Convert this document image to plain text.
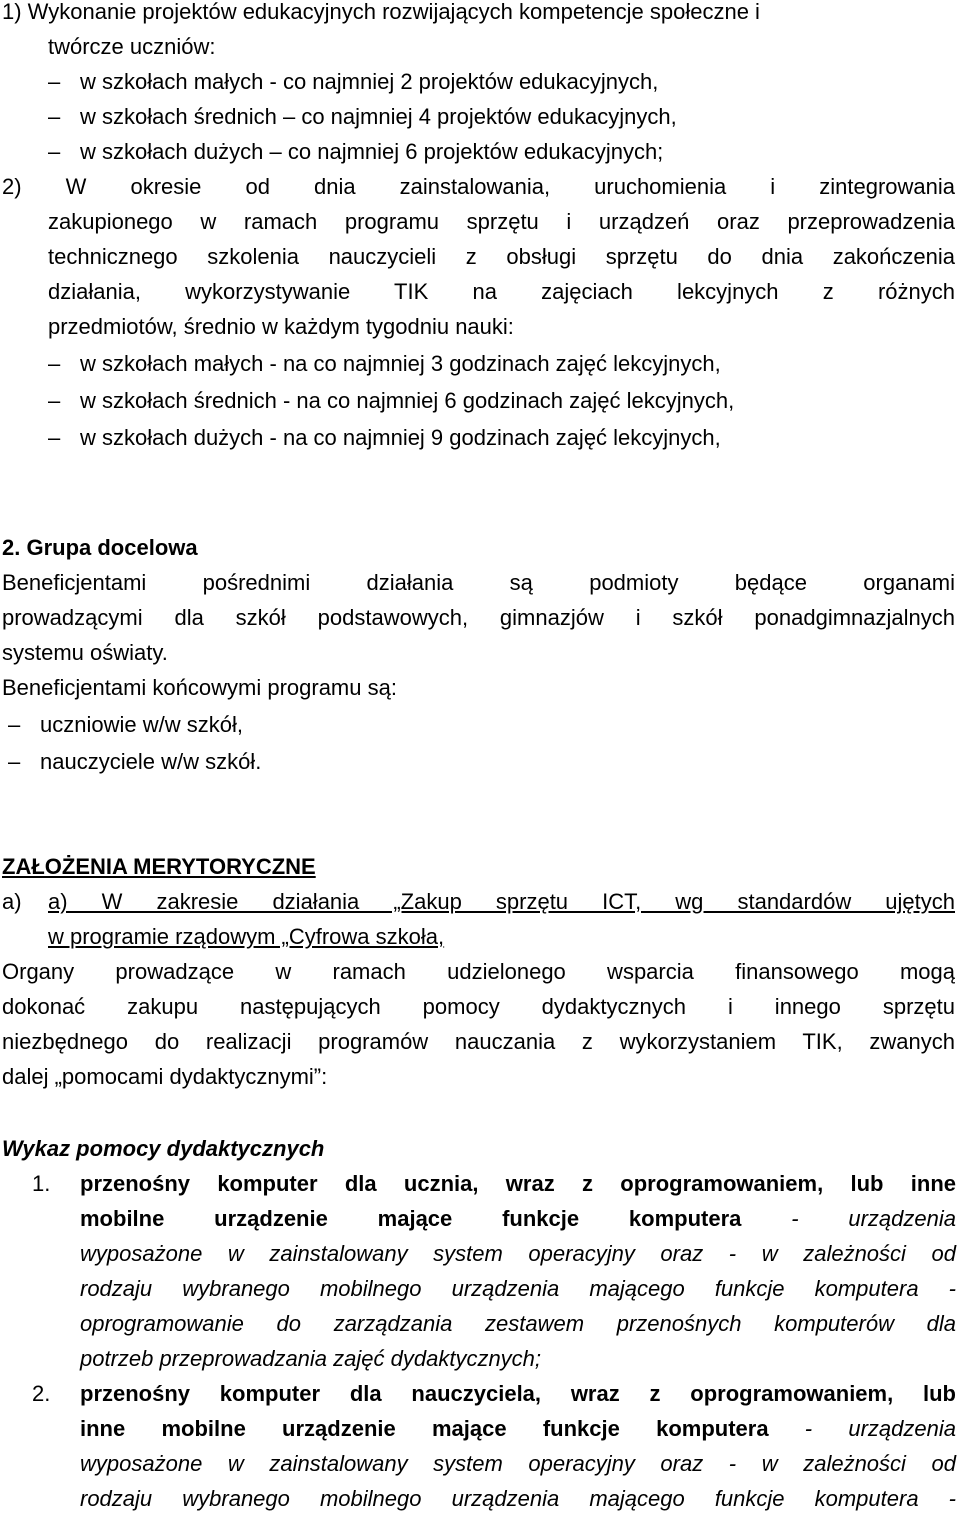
1) Wykonanie projektów edukacyjnych rozwijających kompetencje społeczne i
twórcze uczniów:
– w szkołach małych - co najmniej 2 projektów edukacyjnych,
– w szkołach średnich – co najmniej 4 projektów edukacyjnych,
– w szkołach dużych – co najmniej 6 projektów edukacyjnych;
2) W okresie od dnia zainstalowania, uruchomienia i zintegrowania
zakupionego w ramach programu sprzętu i urządzeń oraz przeprowadzenia
technicznego szkolenia nauczycieli z obsługi sprzętu do dnia zakończenia
działania, wykorzystywanie TIK na zajęciach lekcyjnych z różnych
przedmiotów, średnio w każdym tygodniu nauki:
– w szkołach małych - na co najmniej 3 godzinach zajęć lekcyjnych,
– w szkołach średnich - na co najmniej 6 godzinach zajęć lekcyjnych,
– w szkołach dużych - na co najmniej 9 godzinach zajęć lekcyjnych,
2. Grupa docelowa
Beneficjentami pośrednimi działania są podmioty będące organami
prowadzącymi dla szkół podstawowych, gimnazjów i szkół ponadgimnazjalnych
systemu oświaty.
Beneficjentami końcowymi programu są:
– uczniowie w/w szkół,
– nauczyciele w/w szkół.
ZAŁOŻENIA MERYTORYCZNE
a) a) W zakresie działania „Zakup sprzętu ICT, wg standardów ujętych
w programie rządowym „Cyfrowa szkoła,
Organy prowadzące w ramach udzielonego wsparcia finansowego mogą
dokonać zakupu następujących pomocy dydaktycznych i innego sprzętu
niezbędnego do realizacji programów nauczania z wykorzystaniem TIK, zwanych
dalej „pomocami dydaktycznymi”:
Wykaz pomocy dydaktycznych
1. przenośny komputer dla ucznia, wraz z oprogramowaniem, lub inne
mobilne urządzenie mające funkcje komputera - urządzenia
wyposażone w zainstalowany system operacyjny oraz - w zależności od
rodzaju wybranego mobilnego urządzenia mającego funkcje komputera -
oprogramowanie do zarządzania zestawem przenośnych komputerów dla
potrzeb przeprowadzania zajęć dydaktycznych;
2. przenośny komputer dla nauczyciela, wraz z oprogramowaniem, lub
inne mobilne urządzenie mające funkcje komputera - urządzenia
wyposażone w zainstalowany system operacyjny oraz - w zależności od
rodzaju wybranego mobilnego urządzenia mającego funkcje komputera -
